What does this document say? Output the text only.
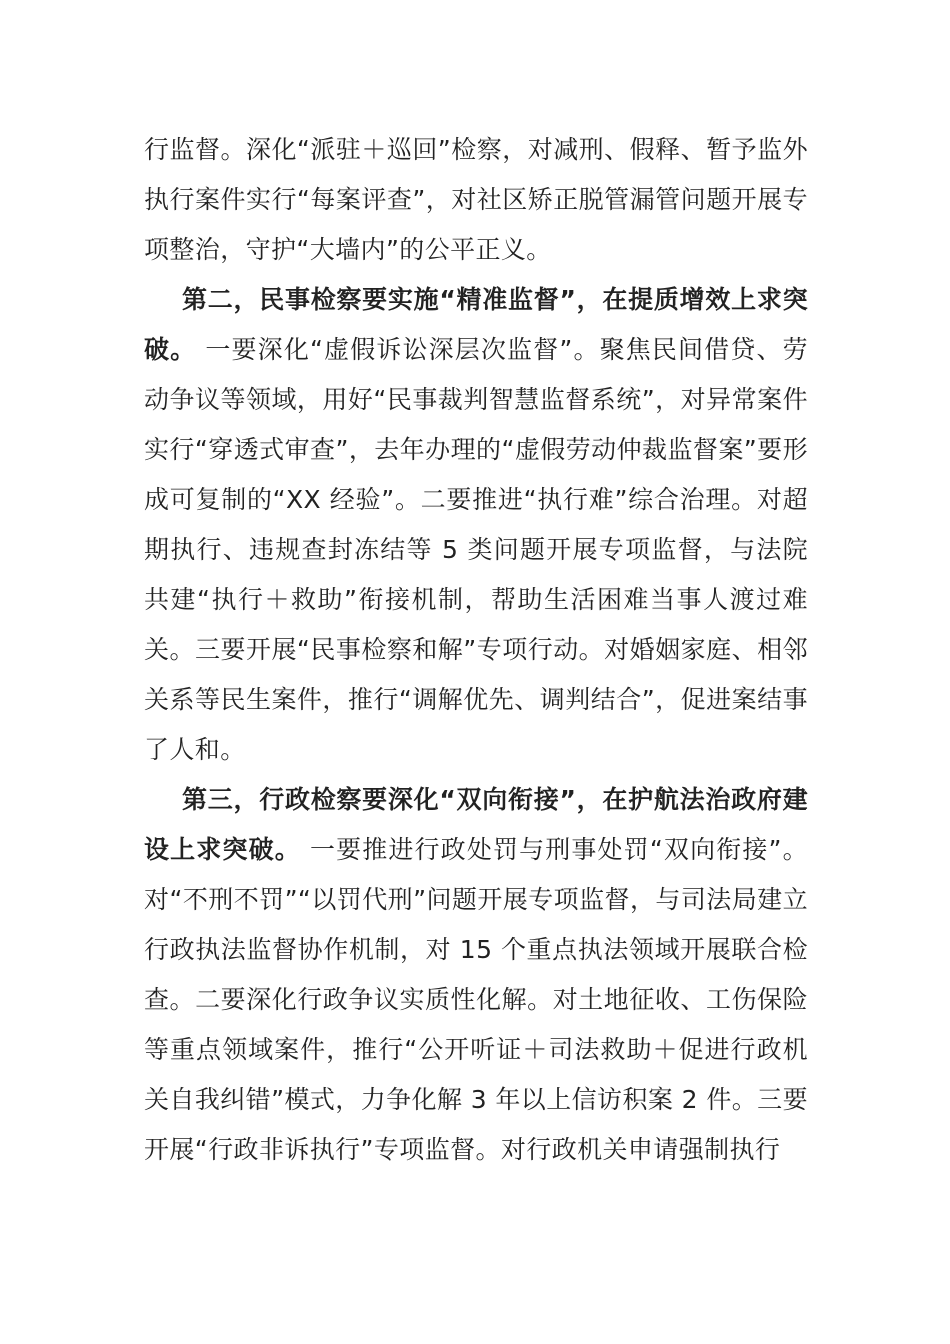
行监督。深化“派驻＋巡回”检察，对减刑、假释、暂予监外执行案件实行“每案评查”，对社区矫正脱管漏管问题开展专项整治，守护“大墙内”的公平正义。

第二，民事检察要实施“精准监督”，在提质增效上求突破。 一要深化“虚假诉讼深层次监督”。聚焦民间借贷、劳动争议等领域，用好“民事裁判智慧监督系统”，对异常案件实行“穿透式审查”，去年办理的“虚假劳动仲裁监督案”要形成可复制的“XX 经验”。二要推进“执行难”综合治理。对超期执行、违规查封冻结等 5 类问题开展专项监督，与法院共建“执行＋救助”衔接机制，帮助生活困难当事人渡过难关。三要开展“民事检察和解”专项行动。对婚姻家庭、相邻关系等民生案件，推行“调解优先、调判结合”，促进案结事了人和。

第三，行政检察要深化“双向衔接”，在护航法治政府建设上求突破。 一要推进行政处罚与刑事处罚“双向衔接”。对“不刑不罚”“以罚代刑”问题开展专项监督，与司法局建立行政执法监督协作机制，对 15 个重点执法领域开展联合检查。二要深化行政争议实质性化解。对土地征收、工伤保险等重点领域案件，推行“公开听证＋司法救助＋促进行政机关自我纠错”模式，力争化解 3 年以上信访积案 2 件。三要开展“行政非诉执行”专项监督。对行政机关申请强制执行
